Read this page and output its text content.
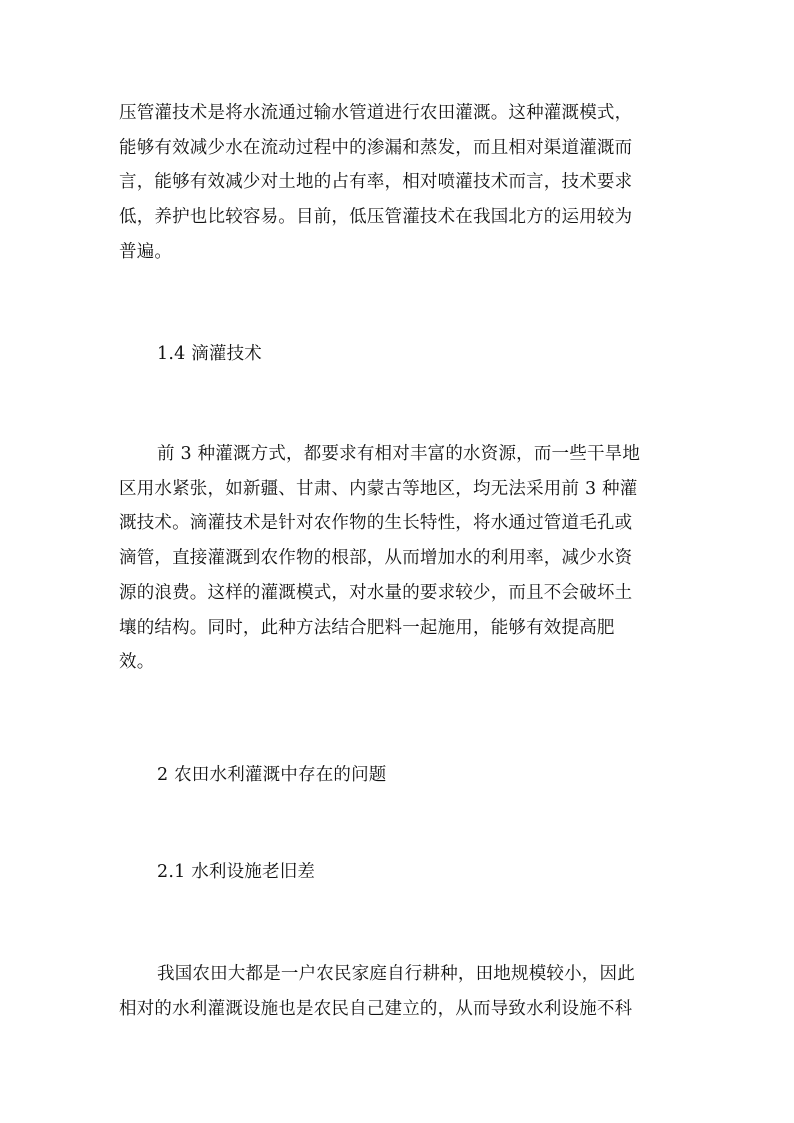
压管灌技术是将水流通过输水管道进行农田灌溉。这种灌溉模式，
能够有效减少水在流动过程中的渗漏和蒸发，而且相对渠道灌溉而
言，能够有效减少对土地的占有率，相对喷灌技术而言，技术要求
低，养护也比较容易。目前，低压管灌技术在我国北方的运用较为
普遍。
1.4 滴灌技术
前 3 种灌溉方式，都要求有相对丰富的水资源，而一些干旱地
区用水紧张，如新疆、甘肃、内蒙古等地区，均无法采用前 3 种灌
溉技术。滴灌技术是针对农作物的生长特性，将水通过管道毛孔或
滴管，直接灌溉到农作物的根部，从而增加水的利用率，减少水资
源的浪费。这样的灌溉模式，对水量的要求较少，而且不会破坏土
壤的结构。同时，此种方法结合肥料一起施用，能够有效提高肥
效。
2 农田水利灌溉中存在的问题
2.1 水利设施老旧差
我国农田大都是一户农民家庭自行耕种，田地规模较小，因此
相对的水利灌溉设施也是农民自己建立的，从而导致水利设施不科
